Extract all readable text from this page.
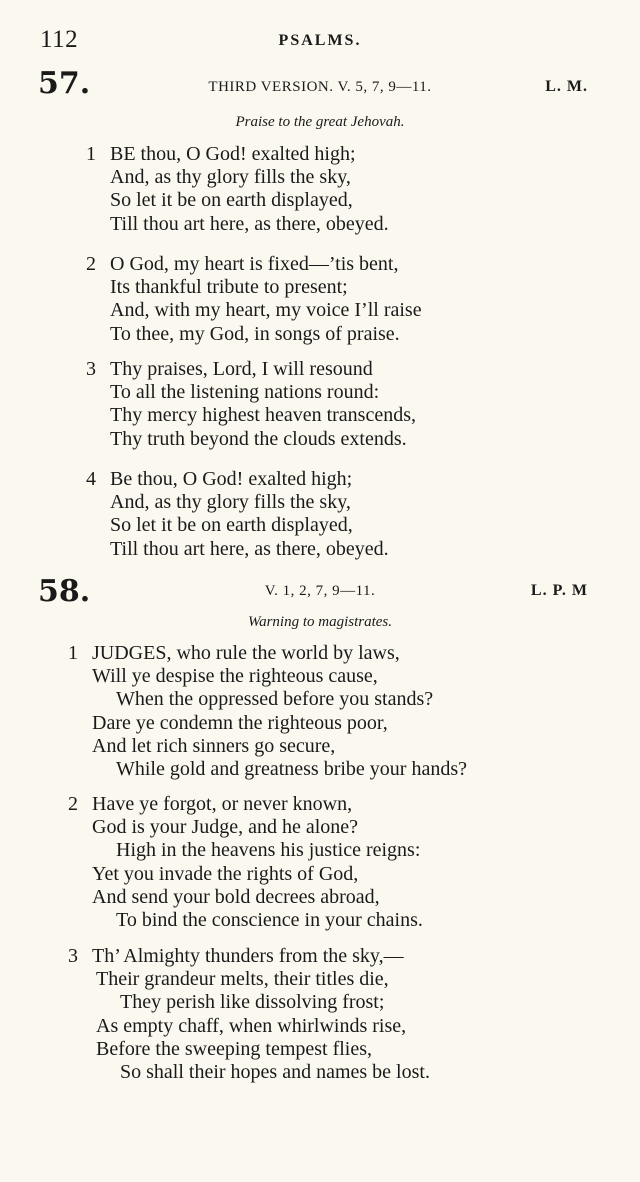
112	PSALMS.
57.	THIRD VERSION. V. 5, 7, 9—11.	L. M.
Praise to the great Jehovah.
1 BE thou, O God! exalted high;
And, as thy glory fills the sky,
So let it be on earth displayed,
Till thou art here, as there, obeyed.
2 O God, my heart is fixed—’tis bent,
Its thankful tribute to present;
And, with my heart, my voice I’ll raise
To thee, my God, in songs of praise.
3 Thy praises, Lord, I will resound
To all the listening nations round:
Thy mercy highest heaven transcends,
Thy truth beyond the clouds extends.
4 Be thou, O God! exalted high;
And, as thy glory fills the sky,
So let it be on earth displayed,
Till thou art here, as there, obeyed.
58.	V. 1, 2, 7, 9—11.	L. P. M
Warning to magistrates.
1 JUDGES, who rule the world by laws,
Will ye despise the righteous cause,
When the oppressed before you stands?
Dare ye condemn the righteous poor,
And let rich sinners go secure,
While gold and greatness bribe your hands?
2 Have ye forgot, or never known,
God is your Judge, and he alone?
High in the heavens his justice reigns:
Yet you invade the rights of God,
And send your bold decrees abroad,
To bind the conscience in your chains.
3 Th’ Almighty thunders from the sky,—
Their grandeur melts, their titles die,
They perish like dissolving frost;
As empty chaff, when whirlwinds rise,
Before the sweeping tempest flies,
So shall their hopes and names be lost.
